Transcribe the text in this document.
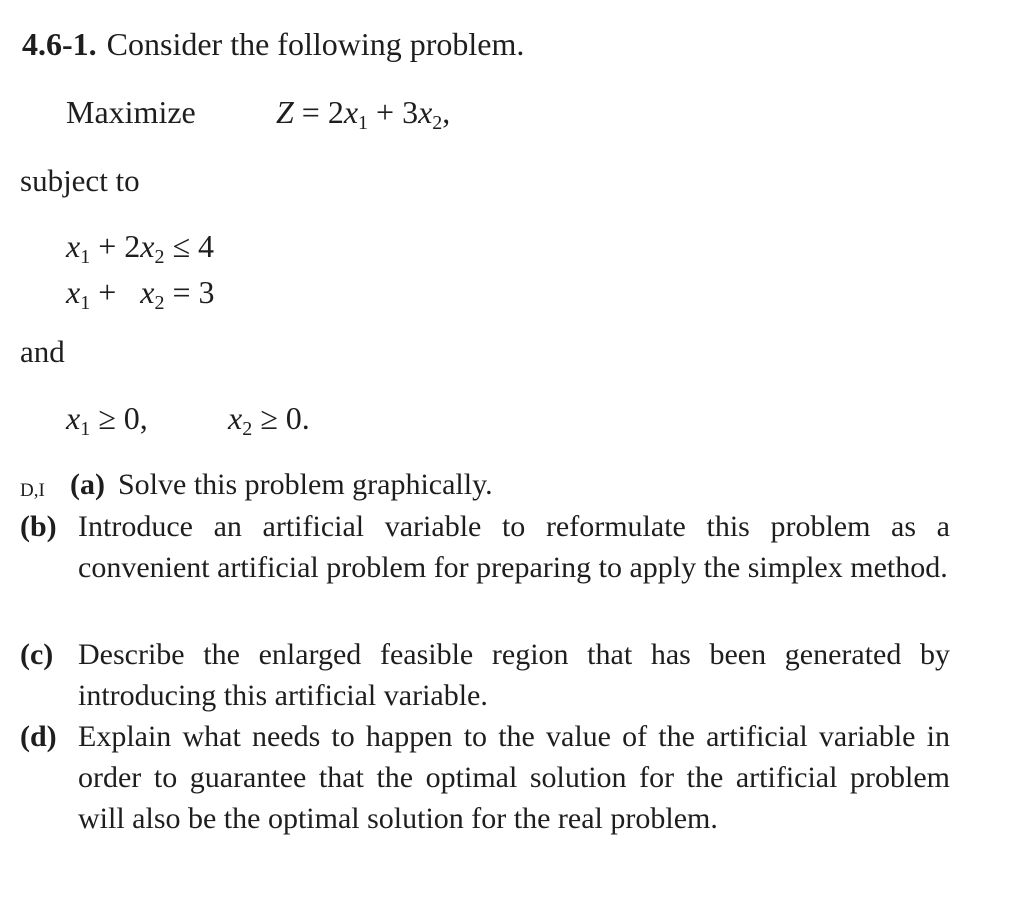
4.6-1. Consider the following problem.
Maximize	$Z = 2x_1 + 3x_2$,
subject to
$x_1 + 2x_2 \le 4$
$x_1 + x_2 = 3$
and
$x_1 \ge 0$,	$x_2 \ge 0$.
D,I (a) Solve this problem graphically.
(b) Introduce an artificial variable to reformulate this problem as a convenient artificial problem for preparing to apply the simplex method.
(c) Describe the enlarged feasible region that has been generated by introducing this artificial variable.
(d) Explain what needs to happen to the value of the artificial variable in order to guarantee that the optimal solution for the artificial problem will also be the optimal solution for the real problem.
